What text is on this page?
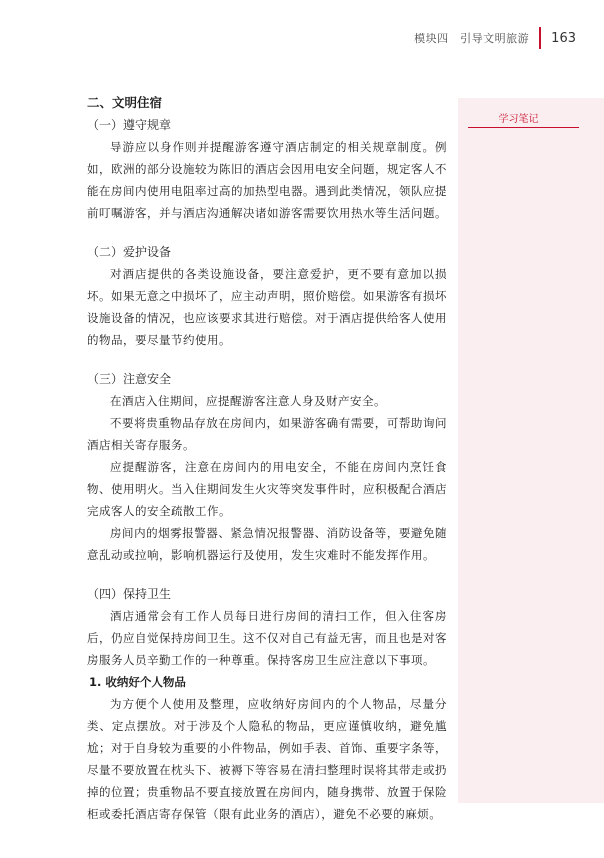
模块四　引导文明旅游 163
学习笔记
二、文明住宿
（一）遵守规章

导游应以身作则并提醒游客遵守酒店制定的相关规章制度。例如，欧洲的部分设施较为陈旧的酒店会因用电安全问题，规定客人不能在房间内使用电阻率过高的加热型电器。遇到此类情况，领队应提前叮嘱游客，并与酒店沟通解决诸如游客需要饮用热水等生活问题。

（二）爱护设备

对酒店提供的各类设施设备，要注意爱护，更不要有意加以损坏。如果无意之中损坏了，应主动声明，照价赔偿。如果游客有损坏设施设备的情况，也应该要求其进行赔偿。对于酒店提供给客人使用的物品，要尽量节约使用。

（三）注意安全

在酒店入住期间，应提醒游客注意人身及财产安全。

不要将贵重物品存放在房间内，如果游客确有需要，可帮助询问酒店相关寄存服务。

应提醒游客，注意在房间内的用电安全，不能在房间内烹饪食物、使用明火。当入住期间发生火灾等突发事件时，应积极配合酒店完成客人的安全疏散工作。

房间内的烟雾报警器、紧急情况报警器、消防设备等，要避免随意乱动或拉响，影响机器运行及使用，发生灾难时不能发挥作用。

（四）保持卫生

酒店通常会有工作人员每日进行房间的清扫工作，但入住客房后，仍应自觉保持房间卫生。这不仅对自己有益无害，而且也是对客房服务人员辛勤工作的一种尊重。保持客房卫生应注意以下事项。

1. 收纳好个人物品

为方便个人使用及整理，应收纳好房间内的个人物品，尽量分类、定点摆放。对于涉及个人隐私的物品，更应谨慎收纳，避免尴尬；对于自身较为重要的小件物品，例如手表、首饰、重要字条等，尽量不要放置在枕头下、被褥下等容易在清扫整理时误将其带走或扔掉的位置；贵重物品不要直接放置在房间内，随身携带、放置于保险柜或委托酒店寄存保管（限有此业务的酒店），避免不必要的麻烦。
